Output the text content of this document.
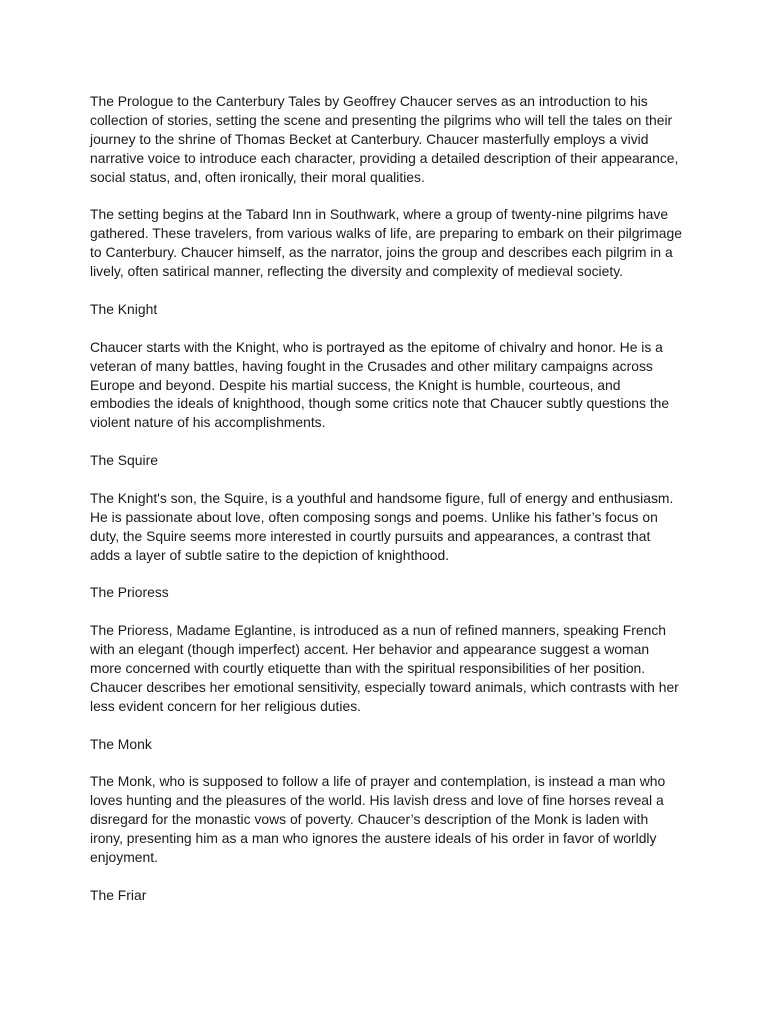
The Prologue to the Canterbury Tales by Geoffrey Chaucer serves as an introduction to his collection of stories, setting the scene and presenting the pilgrims who will tell the tales on their journey to the shrine of Thomas Becket at Canterbury. Chaucer masterfully employs a vivid narrative voice to introduce each character, providing a detailed description of their appearance, social status, and, often ironically, their moral qualities.

The setting begins at the Tabard Inn in Southwark, where a group of twenty-nine pilgrims have gathered. These travelers, from various walks of life, are preparing to embark on their pilgrimage to Canterbury. Chaucer himself, as the narrator, joins the group and describes each pilgrim in a lively, often satirical manner, reflecting the diversity and complexity of medieval society.

The Knight

Chaucer starts with the Knight, who is portrayed as the epitome of chivalry and honor. He is a veteran of many battles, having fought in the Crusades and other military campaigns across Europe and beyond. Despite his martial success, the Knight is humble, courteous, and embodies the ideals of knighthood, though some critics note that Chaucer subtly questions the violent nature of his accomplishments.

The Squire

The Knight's son, the Squire, is a youthful and handsome figure, full of energy and enthusiasm. He is passionate about love, often composing songs and poems. Unlike his father’s focus on duty, the Squire seems more interested in courtly pursuits and appearances, a contrast that adds a layer of subtle satire to the depiction of knighthood.

The Prioress

The Prioress, Madame Eglantine, is introduced as a nun of refined manners, speaking French with an elegant (though imperfect) accent. Her behavior and appearance suggest a woman more concerned with courtly etiquette than with the spiritual responsibilities of her position. Chaucer describes her emotional sensitivity, especially toward animals, which contrasts with her less evident concern for her religious duties.

The Monk

The Monk, who is supposed to follow a life of prayer and contemplation, is instead a man who loves hunting and the pleasures of the world. His lavish dress and love of fine horses reveal a disregard for the monastic vows of poverty. Chaucer’s description of the Monk is laden with irony, presenting him as a man who ignores the austere ideals of his order in favor of worldly enjoyment.

The Friar
